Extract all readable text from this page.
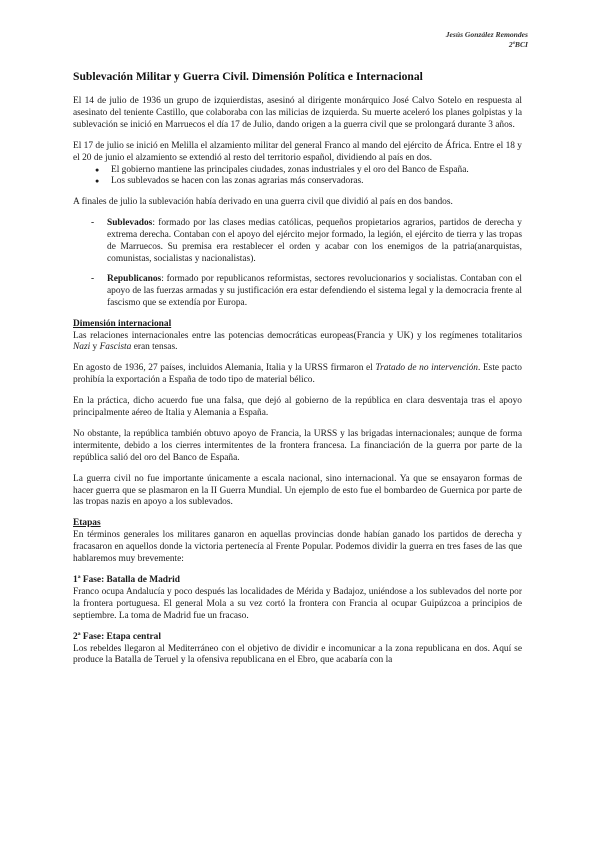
Jesús González Remondes
2ºBCI
Sublevación Militar y Guerra Civil. Dimensión Política e Internacional

El 14 de julio de 1936 un grupo de izquierdistas, asesinó al dirigente monárquico José Calvo Sotelo en respuesta al asesinato del teniente Castillo, que colaboraba con las milicias de izquierda. Su muerte aceleró los planes golpistas y la sublevación se inició en Marruecos el día 17 de Julio, dando origen a la guerra civil que se prolongará durante 3 años.

El 17 de julio se inició en Melilla el alzamiento militar del general Franco al mando del ejército de África. Entre el 18 y el 20 de junio el alzamiento se extendió al resto del territorio español, dividiendo al país en dos.

● El gobierno mantiene las principales ciudades, zonas industriales y el oro del Banco de España.
● Los sublevados se hacen con las zonas agrarias más conservadoras.

A finales de julio la sublevación había derivado en una guerra civil que dividió al país en dos bandos.

- Sublevados: formado por las clases medias católicas, pequeños propietarios agrarios, partidos de derecha y extrema derecha. Contaban con el apoyo del ejército mejor formado, la legión, el ejército de tierra y las tropas de Marruecos. Su premisa era restablecer el orden y acabar con los enemigos de la patria(anarquistas, comunistas, socialistas y nacionalistas).
- Republicanos: formado por republicanos reformistas, sectores revolucionarios y socialistas. Contaban con el apoyo de las fuerzas armadas y su justificación era estar defendiendo el sistema legal y la democracia frente al fascismo que se extendía por Europa.
Dimensión internacional

Las relaciones internacionales entre las potencias democráticas europeas(Francia y UK) y los regímenes totalitarios Nazi y Fascista eran tensas.

En agosto de 1936, 27 países, incluidos Alemania, Italia y la URSS firmaron el Tratado de no intervención. Este pacto prohibía la exportación a España de todo tipo de material bélico.

En la práctica, dicho acuerdo fue una falsa, que dejó al gobierno de la república en clara desventaja tras el apoyo principalmente aéreo de Italia y Alemania a España.

No obstante, la república también obtuvo apoyo de Francia, la URSS y las brigadas internacionales; aunque de forma intermitente, debido a los cierres intermitentes de la frontera francesa. La financiación de la guerra por parte de la república salió del oro del Banco de España.

La guerra civil no fue importante únicamente a escala nacional, sino internacional. Ya que se ensayaron formas de hacer guerra que se plasmaron en la II Guerra Mundial. Un ejemplo de esto fue el bombardeo de Guernica por parte de las tropas nazis en apoyo a los sublevados.

Etapas

En términos generales los militares ganaron en aquellas provincias donde habían ganado los partidos de derecha y fracasaron en aquellos donde la victoria pertenecía al Frente Popular. Podemos dividir la guerra en tres fases de las que hablaremos muy brevemente:

1ª Fase: Batalla de Madrid

Franco ocupa Andalucía y poco después las localidades de Mérida y Badajoz, uniéndose a los sublevados del norte por la frontera portuguesa. El general Mola a su vez cortó la frontera con Francia al ocupar Guipúzcoa a principios de septiembre. La toma de Madrid fue un fracaso.

2ª Fase: Etapa central

Los rebeldes llegaron al Mediterráneo con el objetivo de dividir e incomunicar a la zona republicana en dos. Aquí se produce la Batalla de Teruel y la ofensiva republicana en el Ebro, que acabaría con la
